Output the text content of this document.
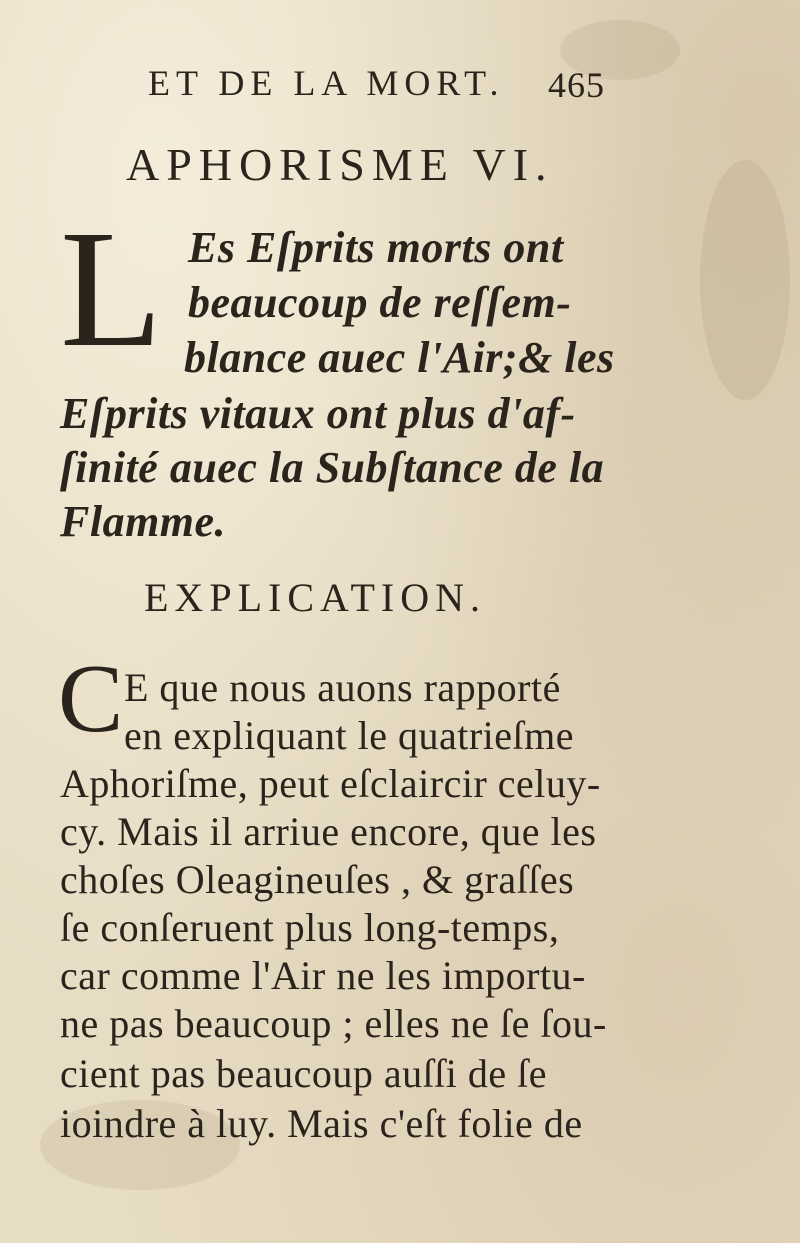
ET DE LA MORT. 465
APHORISME VI.
L Es Eſprits morts ont
beaucoup de reſſem-
blance auec l'Air;& les
Eſprits vitaux ont plus d'af-
ſinité auec la Subſtance de la
Flamme.
EXPLICATION.
C E que nous auons rapporté
en expliquant le quatrieſme
Aphoriſme, peut eſclaircir celuy-
cy. Mais il arriue encore, que les
choſes Oleagineuſes , & graſſes
ſe conſeruent plus long-temps,
car comme l'Air ne les importu-
ne pas beaucoup ; elles ne ſe ſou-
cient pas beaucoup auſſi de ſe
ioindre à luy. Mais c'eſt folie de
